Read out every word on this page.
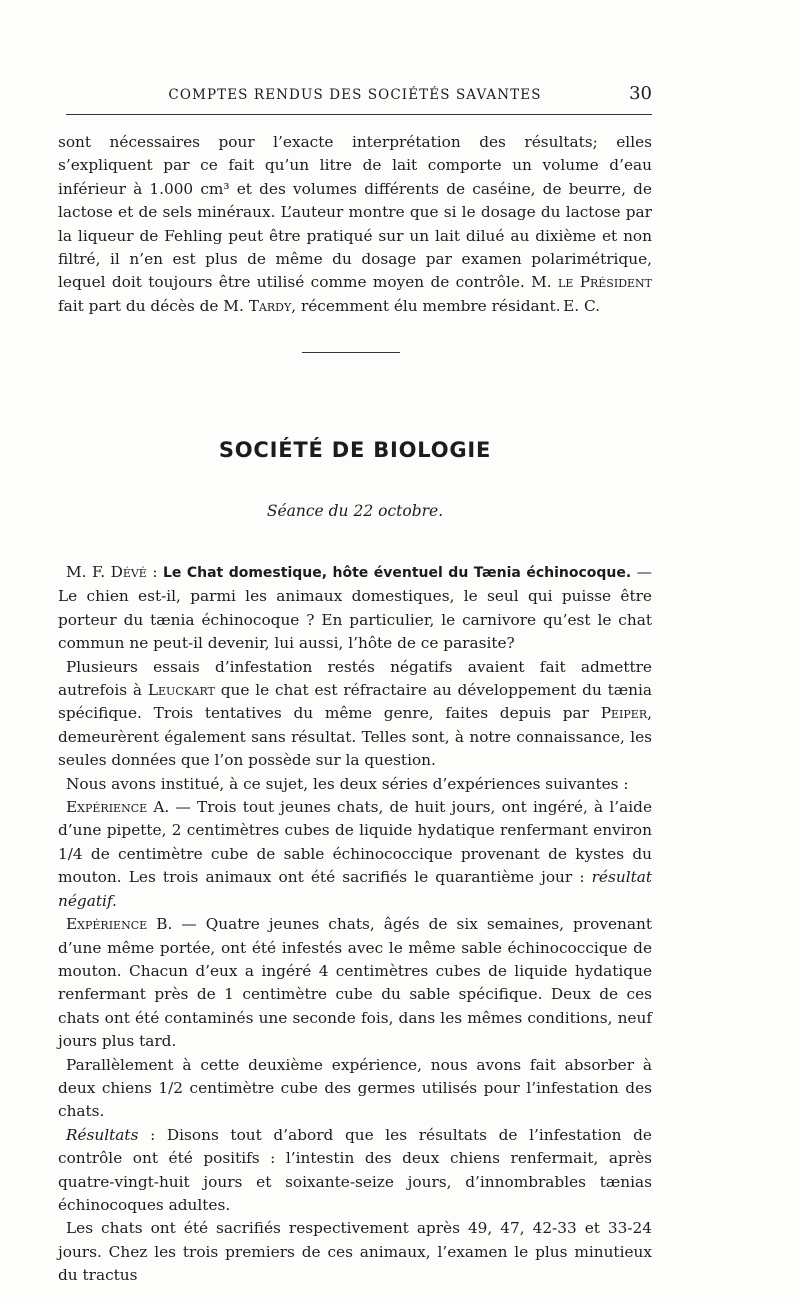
COMPTES RENDUS DES SOCIÉTÉS SAVANTES	30

sont nécessaires pour l’exacte interprétation des résultats; elles s’expliquent par ce fait qu’un litre de lait comporte un volume d’eau inférieur à 1.000 cm³ et des volumes différents de caséine, de beurre, de lactose et de sels minéraux. L’auteur montre que si le dosage du lactose par la liqueur de Fehling peut être pratiqué sur un lait dilué au dixième et non filtré, il n’en est plus de même du dosage par examen polarimétrique, lequel doit toujours être utilisé comme moyen de contrôle. M. le Président fait part du décès de M. Tardy, récemment élu membre résidant. E. C.

SOCIÉTÉ DE BIOLOGIE
Séance du 22 octobre.

M. F. Dévé : Le Chat domestique, hôte éventuel du Tænia échinocoque. — Le chien est-il, parmi les animaux domestiques, le seul qui puisse être porteur du tænia échinocoque ? En particulier, le carnivore qu’est le chat commun ne peut-il devenir, lui aussi, l’hôte de ce parasite?

Plusieurs essais d’infestation restés négatifs avaient fait admettre autrefois à Leuckart que le chat est réfractaire au développement du tænia spécifique. Trois tentatives du même genre, faites depuis par Peiper, demeurèrent également sans résultat. Telles sont, à notre connaissance, les seules données que l’on possède sur la question.

Nous avons institué, à ce sujet, les deux séries d’expériences suivantes :

Expérience A. — Trois tout jeunes chats, de huit jours, ont ingéré, à l’aide d’une pipette, 2 centimètres cubes de liquide hydatique renfermant environ 1/4 de centimètre cube de sable échinococcique provenant de kystes du mouton. Les trois animaux ont été sacrifiés le quarantième jour : résultat négatif.

Expérience B. — Quatre jeunes chats, âgés de six semaines, provenant d’une même portée, ont été infestés avec le même sable échinococcique de mouton. Chacun d’eux a ingéré 4 centimètres cubes de liquide hydatique renfermant près de 1 centimètre cube du sable spécifique. Deux de ces chats ont été contaminés une seconde fois, dans les mêmes conditions, neuf jours plus tard.

Parallèlement à cette deuxième expérience, nous avons fait absorber à deux chiens 1/2 centimètre cube des germes utilisés pour l’infestation des chats.

Résultats : Disons tout d’abord que les résultats de l’infestation de contrôle ont été positifs : l’intestin des deux chiens renfermait, après quatre-vingt-huit jours et soixante-seize jours, d’innombrables tænias échinocoques adultes.

Les chats ont été sacrifiés respectivement après 49, 47, 42-33 et 33-24 jours. Chez les trois premiers de ces animaux, l’examen le plus minutieux du tractus
